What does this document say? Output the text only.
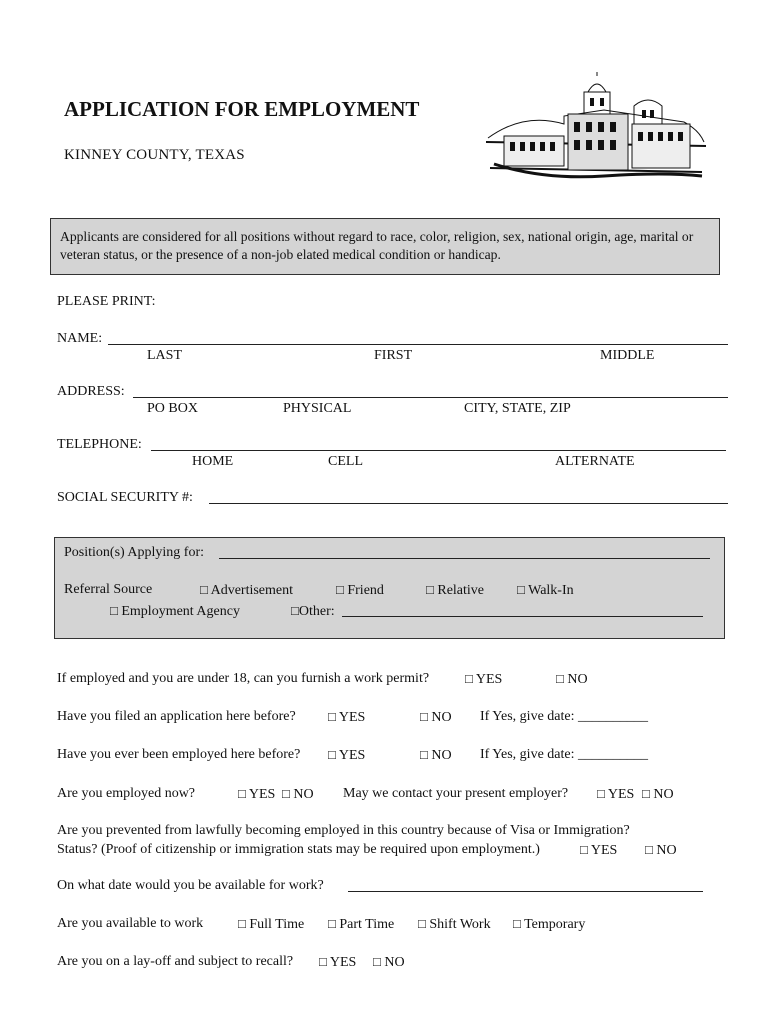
APPLICATION FOR EMPLOYMENT
KINNEY COUNTY, TEXAS
Applicants are considered for all positions without regard to race, color, religion, sex, national origin, age, marital or veteran status, or the presence of a non-job elated medical condition or handicap.
PLEASE PRINT:
NAME:
LAST	FIRST	MIDDLE
ADDRESS:
PO BOX	PHYSICAL	CITY, STATE, ZIP
TELEPHONE:
HOME	CELL	ALTERNATE
SOCIAL SECURITY #:
Position(s) Applying for:
Referral Source	□ Advertisement	□ Friend	□ Relative	□ Walk-In
□ Employment Agency	□Other:
If employed and you are under 18, can you furnish a work permit?	□ YES	□ NO
Have you filed an application here before? □ YES	□ NO If Yes, give date: __________
Have you ever been employed here before? □ YES	□ NO If Yes, give date: __________
Are you employed now?	□ YES □ NO May we contact your present employer? □ YES □ NO
Are you prevented from lawfully becoming employed in this country because of Visa or Immigration?
Status? (Proof of citizenship or immigration stats may be required upon employment.)	□ YES □ NO
On what date would you be available for work?
Are you available to work	□ Full Time □ Part Time □ Shift Work □ Temporary
Are you on a lay-off and subject to recall? □ YES □ NO
